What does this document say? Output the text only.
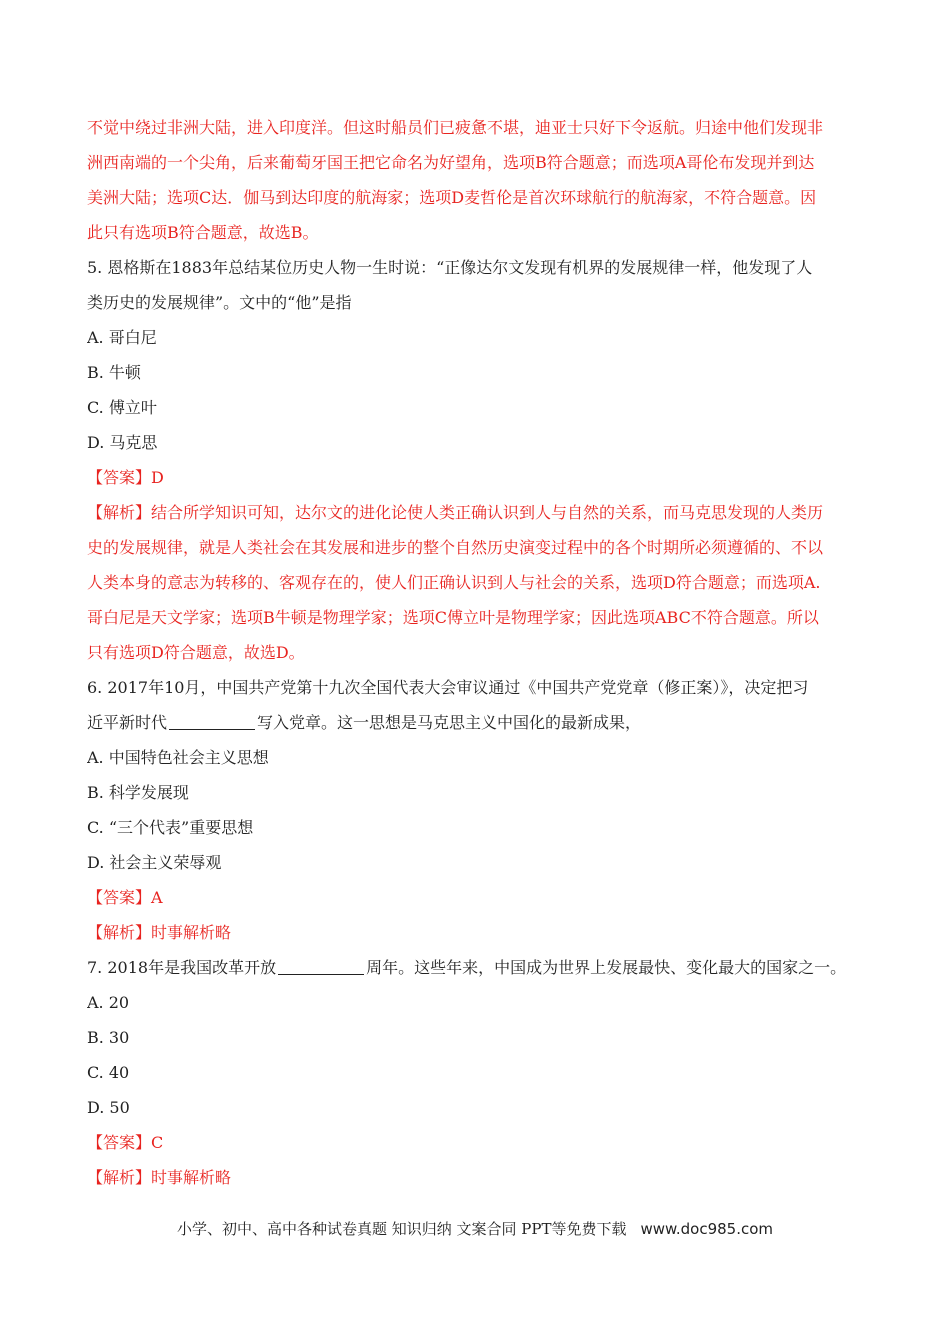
不觉中绕过非洲大陆，进入印度洋。但这时船员们已疲惫不堪，迪亚士只好下令返航。归途中他们发现非
洲西南端的一个尖角，后来葡萄牙国王把它命名为好望角，选项B符合题意；而选项A哥伦布发现并到达
美洲大陆；选项C达．伽马到达印度的航海家；选项D麦哲伦是首次环球航行的航海家，不符合题意。因
此只有选项B符合题意，故选B。
5. 恩格斯在1883年总结某位历史人物一生时说：“正像达尔文发现有机界的发展规律一样，他发现了人
类历史的发展规律”。文中的“他”是指
A. 哥白尼
B. 牛顿
C. 傅立叶
D. 马克思
【答案】D
【解析】结合所学知识可知，达尔文的进化论使人类正确认识到人与自然的关系，而马克思发现的人类历
史的发展规律，就是人类社会在其发展和进步的整个自然历史演变过程中的各个时期所必须遵循的、不以
人类本身的意志为转移的、客观存在的，使人们正确认识到人与社会的关系，选项D符合题意；而选项A.
哥白尼是天文学家；选项B牛顿是物理学家；选项C傅立叶是物理学家；因此选项ABC不符合题意。所以
只有选项D符合题意，故选D。
6. 2017年10月，中国共产党第十九次全国代表大会审议通过《中国共产党党章（修正案）》，决定把习
近平新时代	写入党章。这一思想是马克思主义中国化的最新成果，
A. 中国特色社会主义思想
B. 科学发展现
C. “三个代表”重要思想
D. 社会主义荣辱观
【答案】A
【解析】时事解析略
7. 2018年是我国改革开放	周年。这些年来，中国成为世界上发展最快、变化最大的国家之一。
A. 20
B. 30
C. 40
D. 50
【答案】C
【解析】时事解析略
小学、初中、高中各种试卷真题 知识归纳 文案合同 PPT等免费下载 www.doc985.com
